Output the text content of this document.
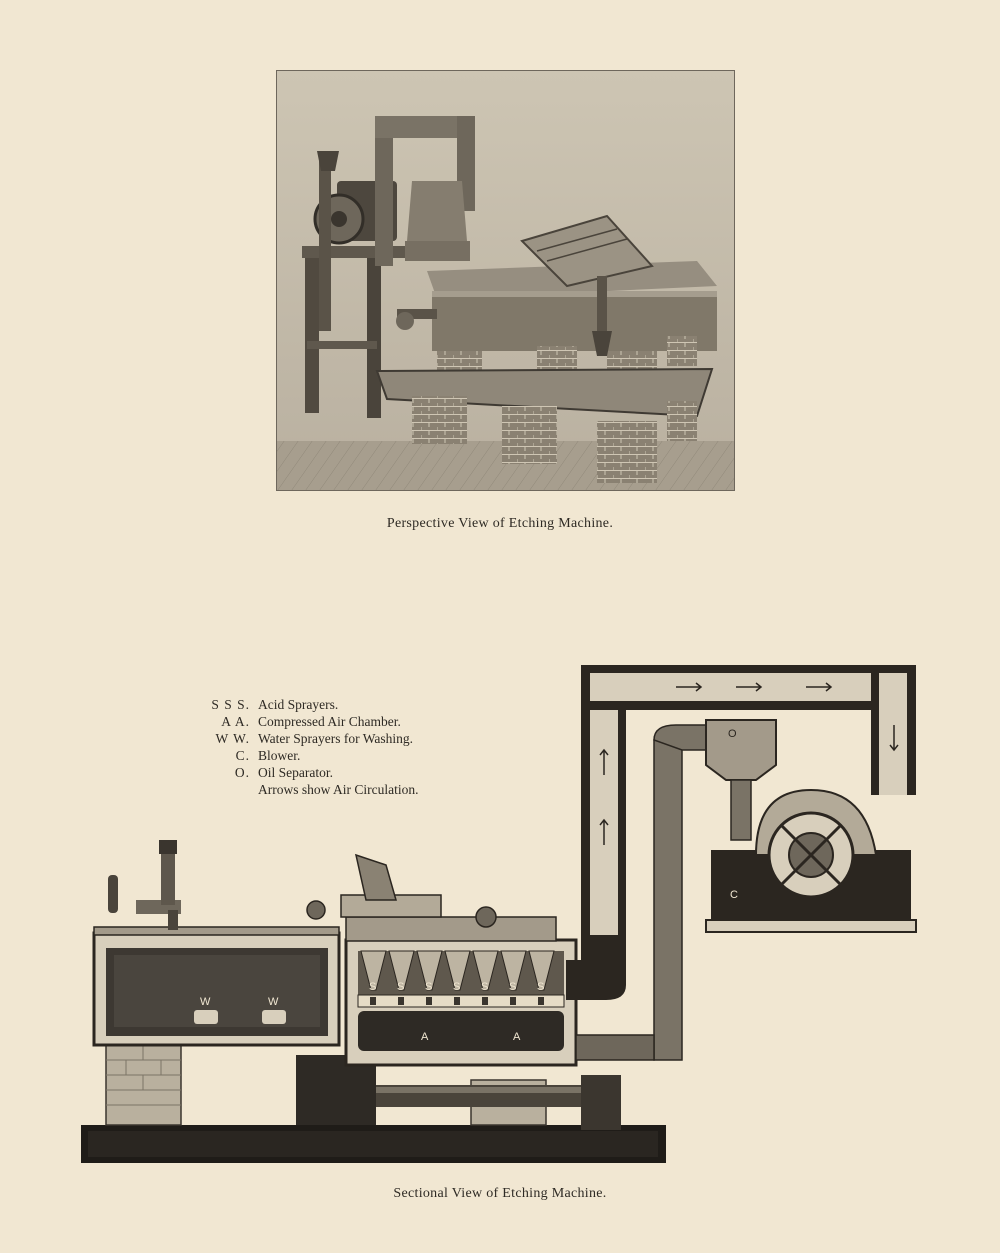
Perspective View of Etching Machine.
W	W
S S S S S S S
A	A
O
C
S S S. Acid Sprayers.
A A. Compressed Air Chamber.
W W. Water Sprayers for Washing.
C. Blower.
O. Oil Separator.
Arrows show Air Circulation.
Sectional View of Etching Machine.
